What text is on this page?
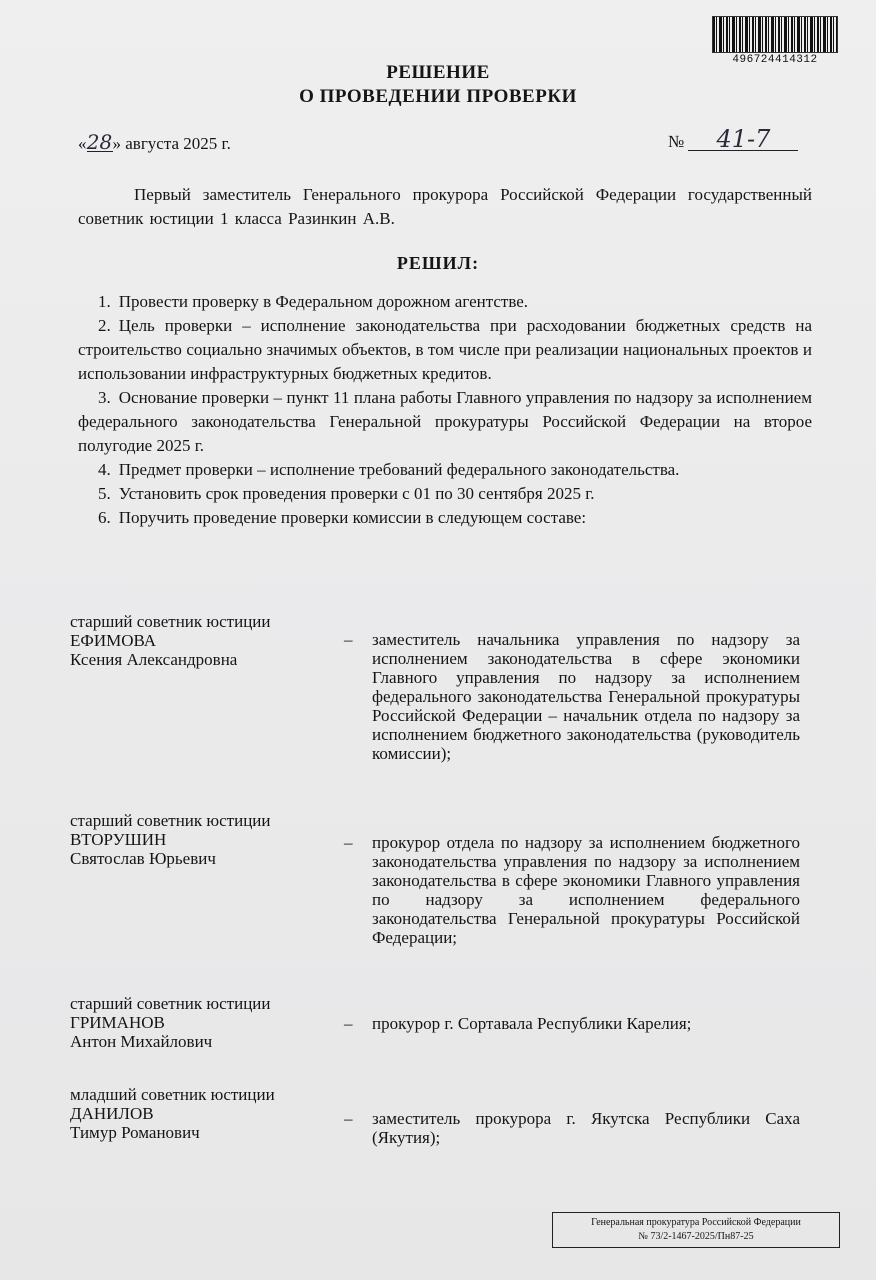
496724414312
РЕШЕНИЕ
О ПРОВЕДЕНИИ ПРОВЕРКИ
«28» августа 2025 г.	№ 41-7
Первый заместитель Генерального прокурора Российской Федерации государственный советник юстиции 1 класса Разинкин А.В.
РЕШИЛ:

1. Провести проверку в Федеральном дорожном агентстве.

2. Цель проверки – исполнение законодательства при расходовании бюджетных средств на строительство социально значимых объектов, в том числе при реализации национальных проектов и использовании инфраструктурных бюджетных кредитов.

3. Основание проверки – пункт 11 плана работы Главного управления по надзору за исполнением федерального законодательства Генеральной прокуратуры Российской Федерации на второе полугодие 2025 г.

4. Предмет проверки – исполнение требований федерального законодательства.

5. Установить срок проведения проверки с 01 по 30 сентября 2025 г.

6. Поручить проведение проверки комиссии в следующем составе:

старший советник юстиции
ЕФИМОВА
Ксения Александровна
– заместитель начальника управления по надзору за исполнением законодательства в сфере экономики Главного управления по надзору за исполнением федерального законодательства Генеральной прокуратуры Российской Федерации – начальник отдела по надзору за исполнением бюджетного законодательства (руководитель комиссии);
старший советник юстиции
ВТОРУШИН
Святослав Юрьевич
– прокурор отдела по надзору за исполнением бюджетного законодательства управления по надзору за исполнением законодательства в сфере экономики Главного управления по надзору за исполнением федерального законодательства Генеральной прокуратуры Российской Федерации;
старший советник юстиции
ГРИМАНОВ
Антон Михайлович
– прокурор г. Сортавала Республики Карелия;
младший советник юстиции
ДАНИЛОВ
Тимур Романович
– заместитель прокурора г. Якутска Республики Саха (Якутия);
Генеральная прокуратура Российской Федерации
№ 73/2-1467-2025/Пн87-25
